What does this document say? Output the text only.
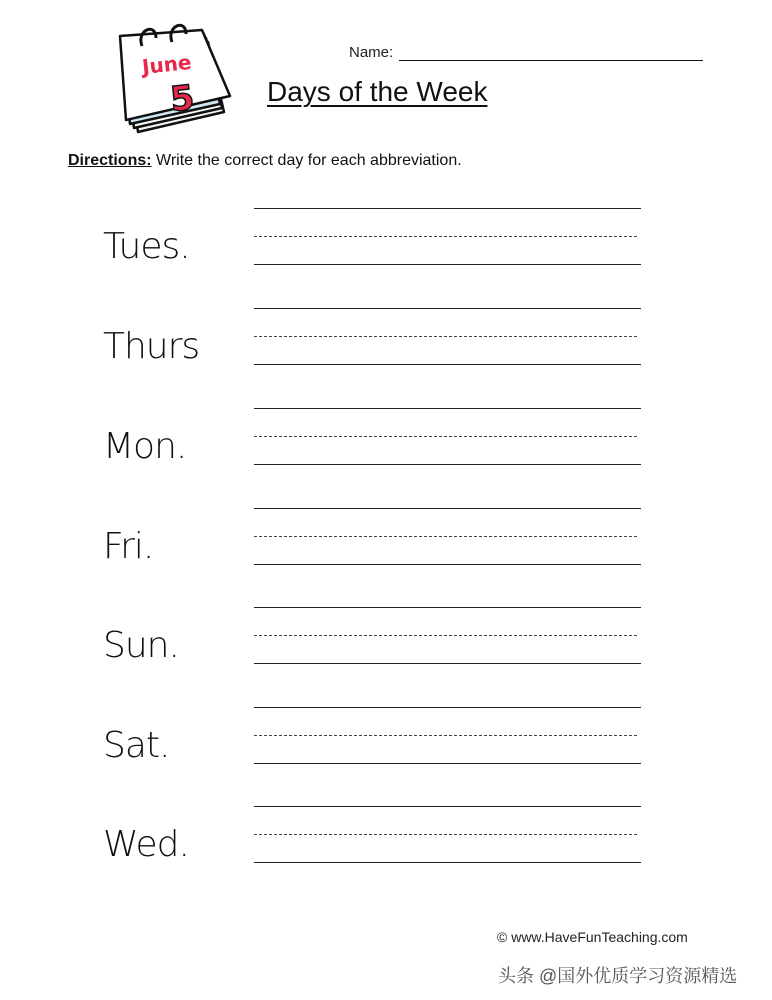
June
5
Name:
Days of the Week
Directions: Write the correct day for each abbreviation.
Tues.
Thurs
Mon.
Fri.
Sun.
Sat.
Wed.
© www.HaveFunTeaching.com
头条 @国外优质学习资源精选
